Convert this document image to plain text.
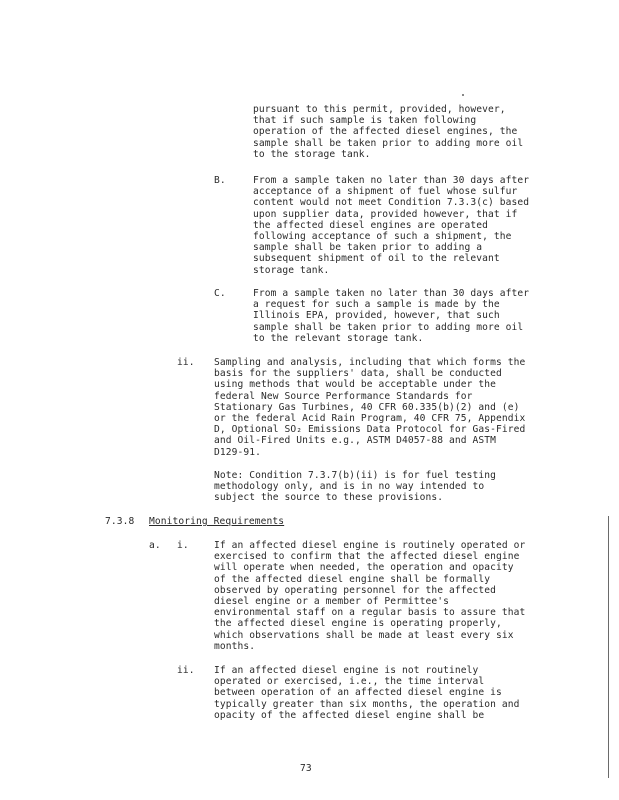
pursuant to this permit, provided, however,
that if such sample is taken following
operation of the affected diesel engines, the
sample shall be taken prior to adding more oil
to the storage tank.
B.	From a sample taken no later than 30 days after
acceptance of a shipment of fuel whose sulfur
content would not meet Condition 7.3.3(c) based
upon supplier data, provided however, that if
the affected diesel engines are operated
following acceptance of such a shipment, the
sample shall be taken prior to adding a
subsequent shipment of oil to the relevant
storage tank.
C.	From a sample taken no later than 30 days after
a request for such a sample is made by the
Illinois EPA, provided, however, that such
sample shall be taken prior to adding more oil
to the relevant storage tank.
ii. Sampling and analysis, including that which forms the
basis for the suppliers' data, shall be conducted
using methods that would be acceptable under the
federal New Source Performance Standards for
Stationary Gas Turbines, 40 CFR 60.335(b)(2) and (e)
or the federal Acid Rain Program, 40 CFR 75, Appendix
D, Optional SO₂ Emissions Data Protocol for Gas-Fired
and Oil-Fired Units e.g., ASTM D4057-88 and ASTM
D129-91.
Note: Condition 7.3.7(b)(ii) is for fuel testing
methodology only, and is in no way intended to
subject the source to these provisions.
7.3.8 Monitoring Requirements
a. i.	If an affected diesel engine is routinely operated or
exercised to confirm that the affected diesel engine
will operate when needed, the operation and opacity
of the affected diesel engine shall be formally
observed by operating personnel for the affected
diesel engine or a member of Permittee's
environmental staff on a regular basis to assure that
the affected diesel engine is operating properly,
which observations shall be made at least every six
months.
ii. If an affected diesel engine is not routinely
operated or exercised, i.e., the time interval
between operation of an affected diesel engine is
typically greater than six months, the operation and
opacity of the affected diesel engine shall be
73
